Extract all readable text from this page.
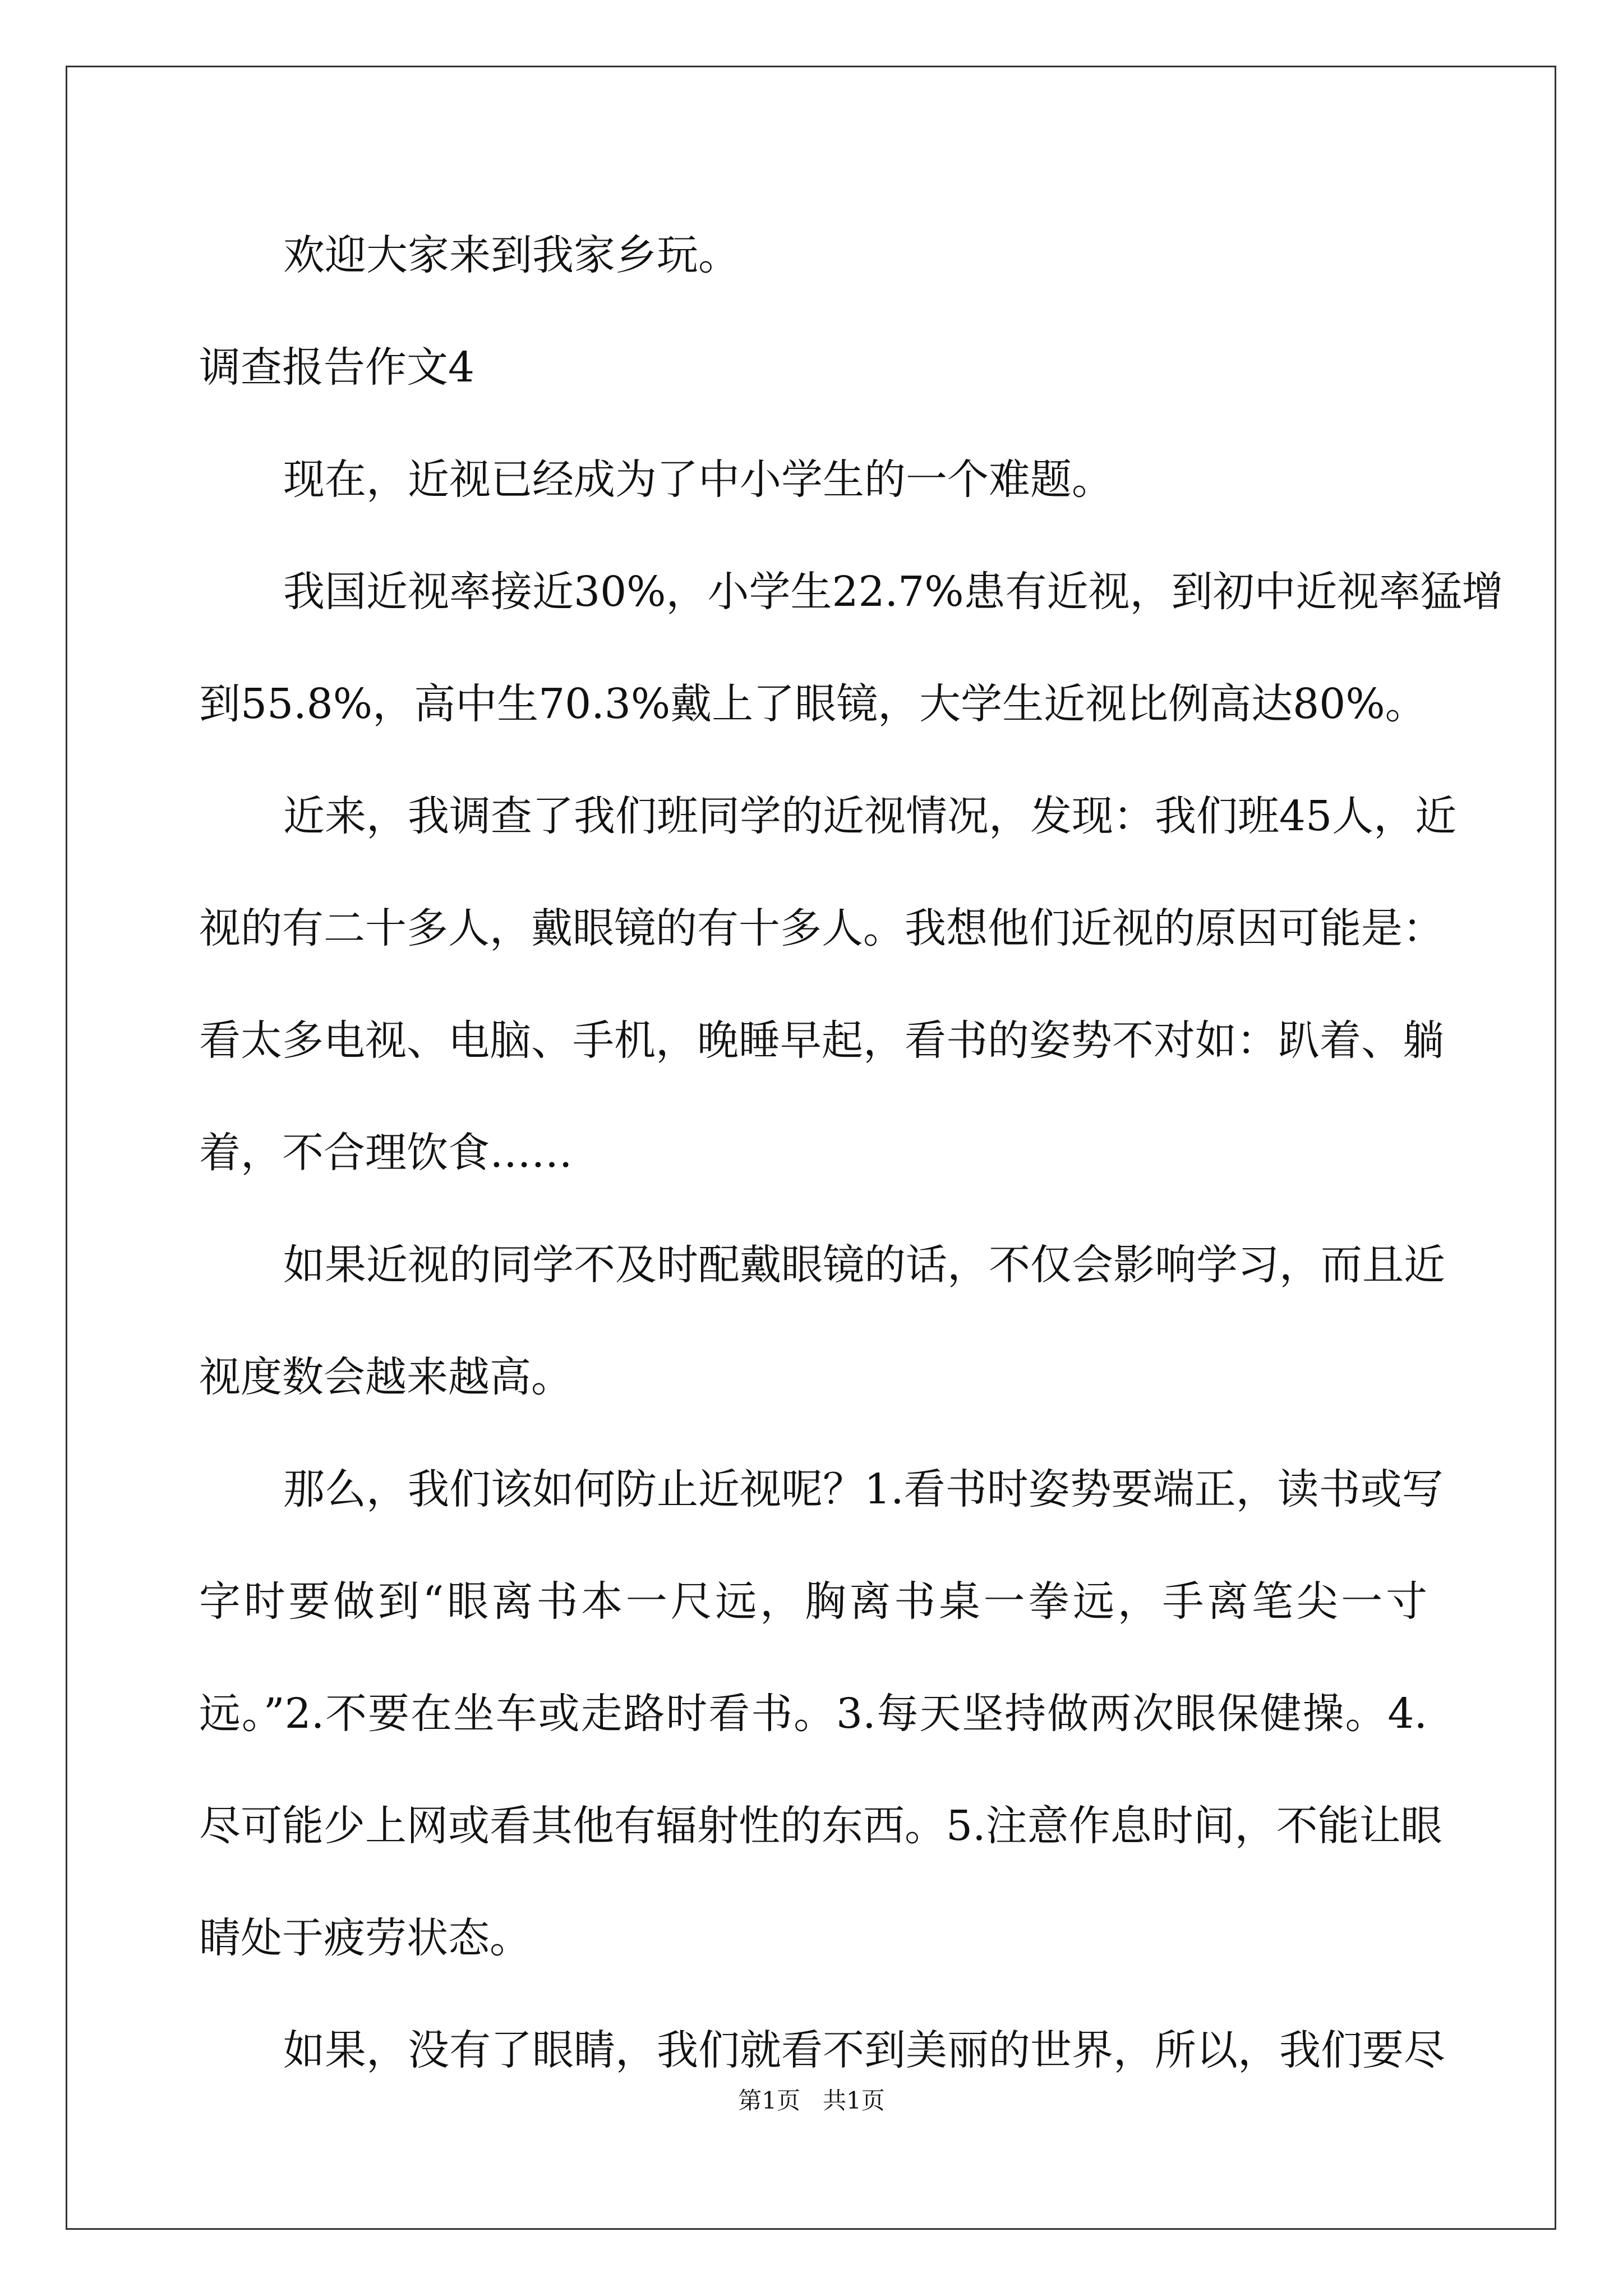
欢迎大家来到我家乡玩。
调查报告作文4
现在，近视已经成为了中小学生的一个难题。
我国近视率接近30%，小学生22.7%患有近视，到初中近视率猛增
到55.8%，高中生70.3%戴上了眼镜，大学生近视比例高达80%。
近来，我调查了我们班同学的近视情况，发现：我们班45人，近
视的有二十多人，戴眼镜的有十多人。我想他们近视的原因可能是：
看太多电视、电脑、手机，晚睡早起，看书的姿势不对如：趴着、躺
着，不合理饮食……
如果近视的同学不及时配戴眼镜的话，不仅会影响学习，而且近
视度数会越来越高。
那么，我们该如何防止近视呢？1.看书时姿势要端正，读书或写
字时要做到“眼离书本一尺远，胸离书桌一拳远，手离笔尖一寸
远。”2.不要在坐车或走路时看书。3.每天坚持做两次眼保健操。4.
尽可能少上网或看其他有辐射性的东西。5.注意作息时间，不能让眼
睛处于疲劳状态。
如果，没有了眼睛，我们就看不到美丽的世界，所以，我们要尽
第1页   共1页
